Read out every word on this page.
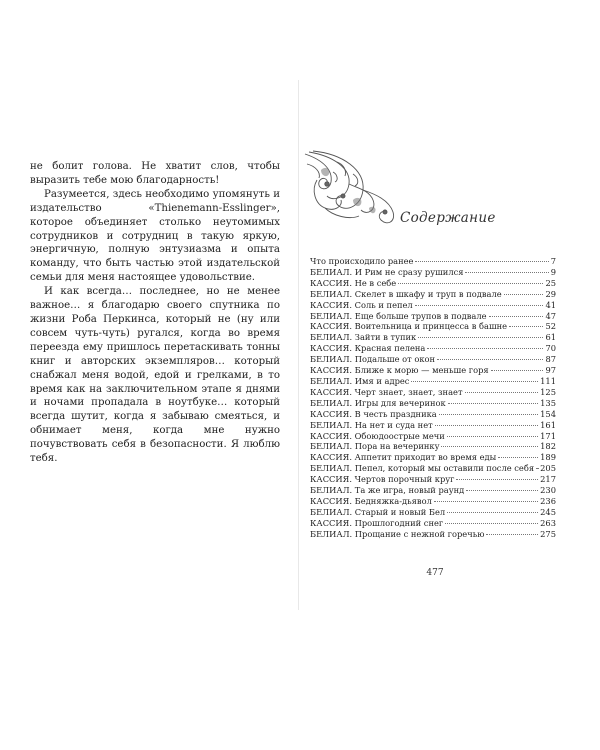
не болит голова. Не хватит слов, чтобы выразить тебе мою благодарность!

Разумеется, здесь необходимо упомянуть и издательство «Thienemann-Esslinger», которое объединяет столько неутомимых сотрудников и сотрудниц в такую яркую, энергичную, полную энтузиазма и опыта команду, что быть частью этой издательской семьи для меня настоящее удовольствие.

И как всегда… последнее, но не менее важное… я благодарю своего спутника по жизни Роба Перкинса, который не (ну или совсем чуть-чуть) ругался, когда во время переезда ему пришлось перетаскивать тонны книг и авторских экземпляров… который снабжал меня водой, едой и грелками, в то время как на заключительном этапе я днями и ночами пропадала в ноутбуке… который всегда шутит, когда я забываю смеяться, и обнимает меня, когда мне нужно почувствовать себя в безопасности. Я люблю тебя.

Содержание
Что происходило ранее	7
БЕЛИАЛ. И Рим не сразу рушился	9
КАССИЯ. Не в себе	25
БЕЛИАЛ. Скелет в шкафу и труп в подвале	29
КАССИЯ. Соль и пепел	41
БЕЛИАЛ. Еще больше трупов в подвале	47
КАССИЯ. Воительница и принцесса в башне	52
БЕЛИАЛ. Зайти в тупик	61
КАССИЯ. Красная пелена	70
БЕЛИАЛ. Подальше от окон	87
КАССИЯ. Ближе к морю — меньше горя	97
БЕЛИАЛ. Имя и адрес	111
КАССИЯ. Черт знает, знает, знает	125
БЕЛИАЛ. Игры для вечеринок	135
КАССИЯ. В честь праздника	154
БЕЛИАЛ. На нет и суда нет	161
КАССИЯ. Обоюдоострые мечи	171
БЕЛИАЛ. Пора на вечеринку	182
КАССИЯ. Аппетит приходит во время еды	189
БЕЛИАЛ. Пепел, который мы оставили после себя 205
КАССИЯ. Чертов порочный круг	217
БЕЛИАЛ. Та же игра, новый раунд	230
КАССИЯ. Бедняжка-дьявол	236
БЕЛИАЛ. Старый и новый Бел	245
КАССИЯ. Прошлогодний снег	263
БЕЛИАЛ. Прощание с нежной горечью	275
477
